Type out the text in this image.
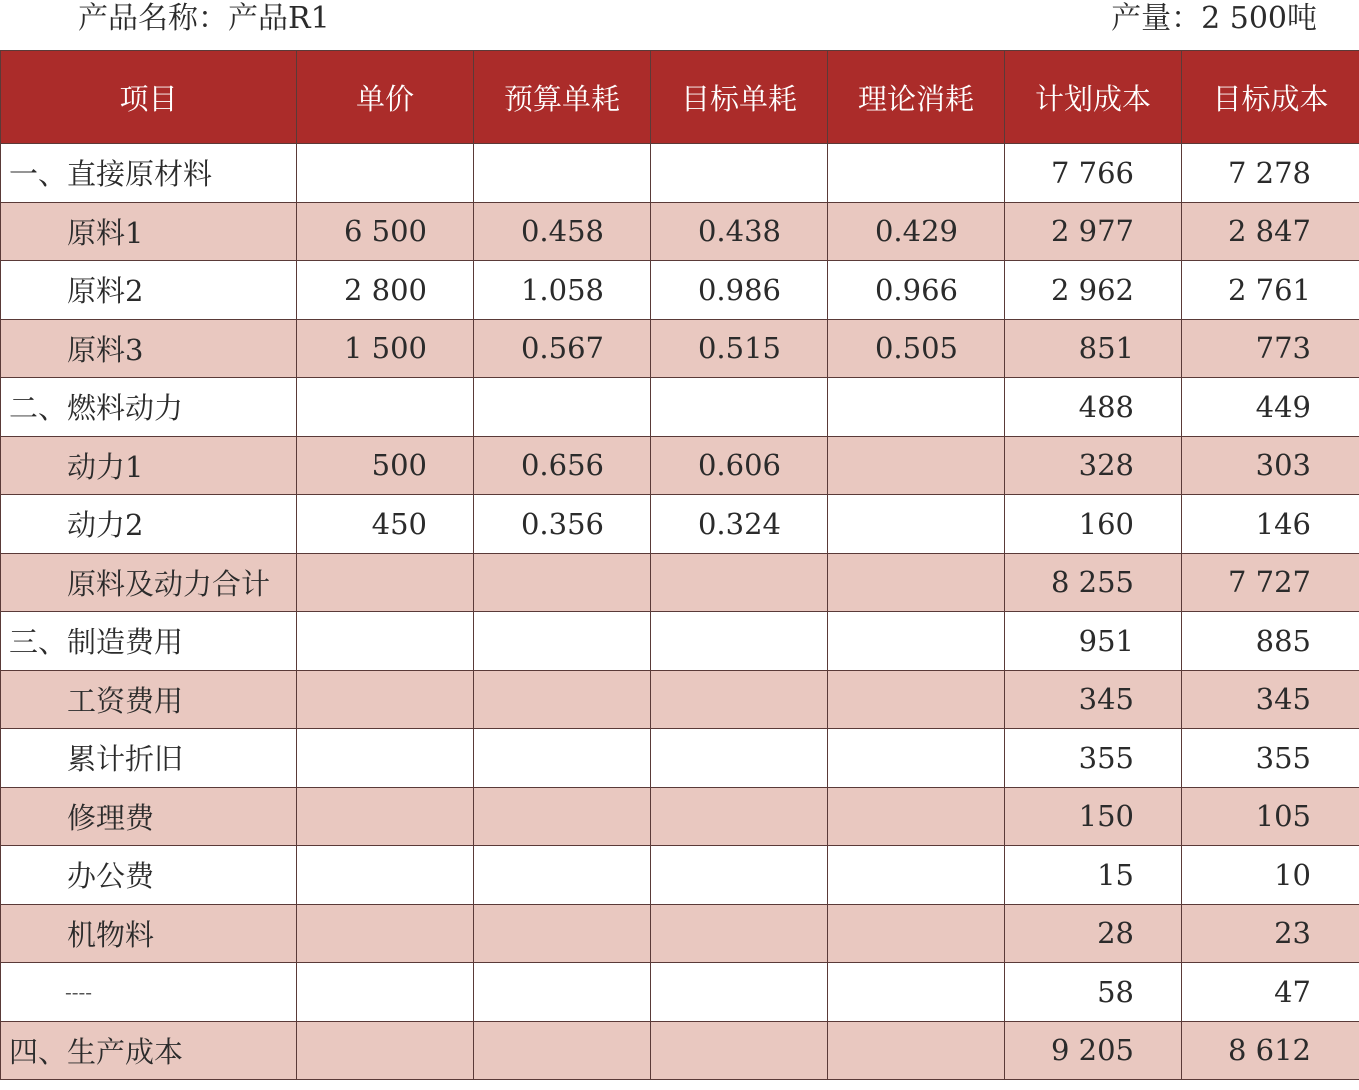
产品名称：产品R1	产量：2 500吨
项目	单价	预算单耗	目标单耗	理论消耗	计划成本	目标成本
一、直接原材料					7 766	7 278
原料1	6 500	0.458	0.438	0.429	2 977	2 847
原料2	2 800	1.058	0.986	0.966	2 962	2 761
原料3	1 500	0.567	0.515	0.505	851	773
二、燃料动力					488	449
动力1	500	0.656	0.606		328	303
动力2	450	0.356	0.324		160	146
原料及动力合计					8 255	7 727
三、制造费用					951	885
工资费用					345	345
累计折旧					355	355
修理费					150	105
办公费					15	10
机物料					28	23
----					58	47
四、生产成本					9 205	8 612
